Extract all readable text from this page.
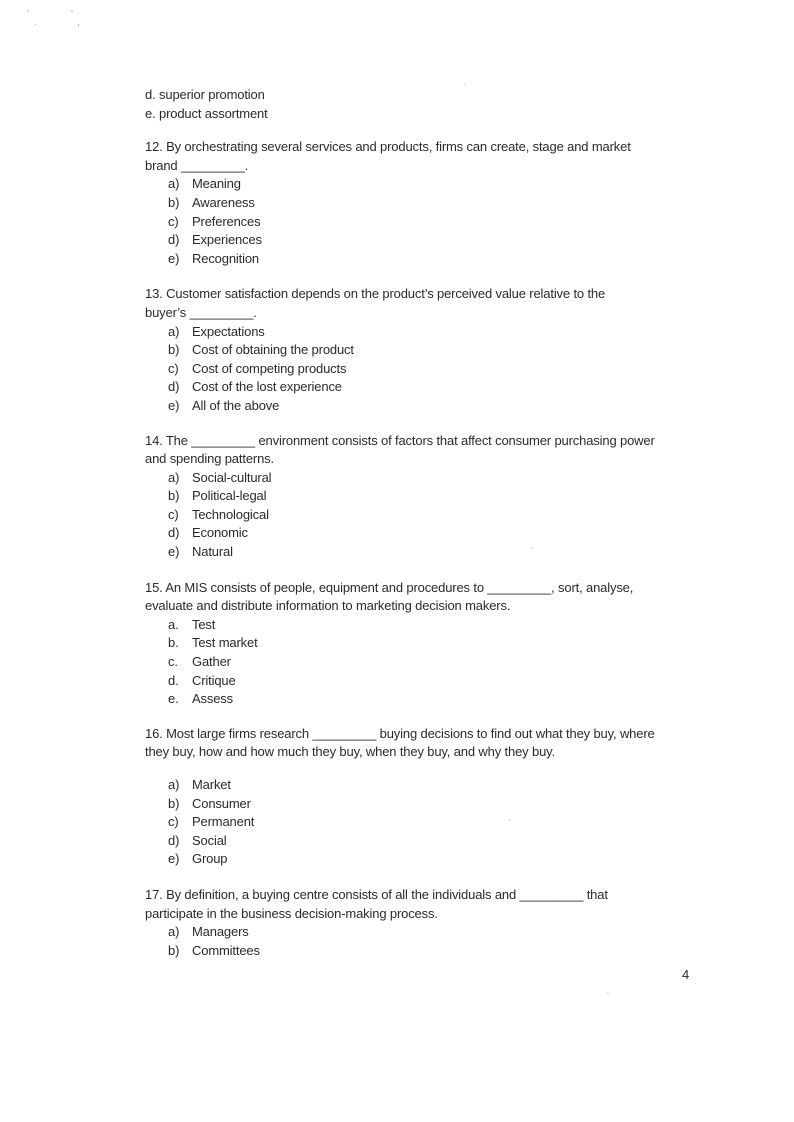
'
.
'
,
·
-
-
-
d. superior promotion
e. product assortment
12. By orchestrating several services and products, firms can create, stage and market
brand _________.
a) Meaning
b) Awareness
c)	Preferences
d) Experiences
e) Recognition
13. Customer satisfaction depends on the product’s perceived value relative to the
buyer’s _________.
a) Expectations
b) Cost of obtaining the product
c)	Cost of competing products
d) Cost of the lost experience
e) All of the above
14. The _________ environment consists of factors that affect consumer purchasing power
and spending patterns.
a) Social-cultural
b) Political-legal
c)	Technological
d) Economic
e) Natural
15. An MIS consists of people, equipment and procedures to _________, sort, analyse,
evaluate and distribute information to marketing decision makers.
a.	Test
b.	Test market
c.	Gather
d.	Critique
e.	Assess
16. Most large firms research _________ buying decisions to find out what they buy, where
they buy, how and how much they buy, when they buy, and why they buy.
a) Market
b) Consumer
c)	Permanent
d) Social
e) Group
17. By definition, a buying centre consists of all the individuals and _________ that
participate in the business decision-making process.
a) Managers
b) Committees
4
